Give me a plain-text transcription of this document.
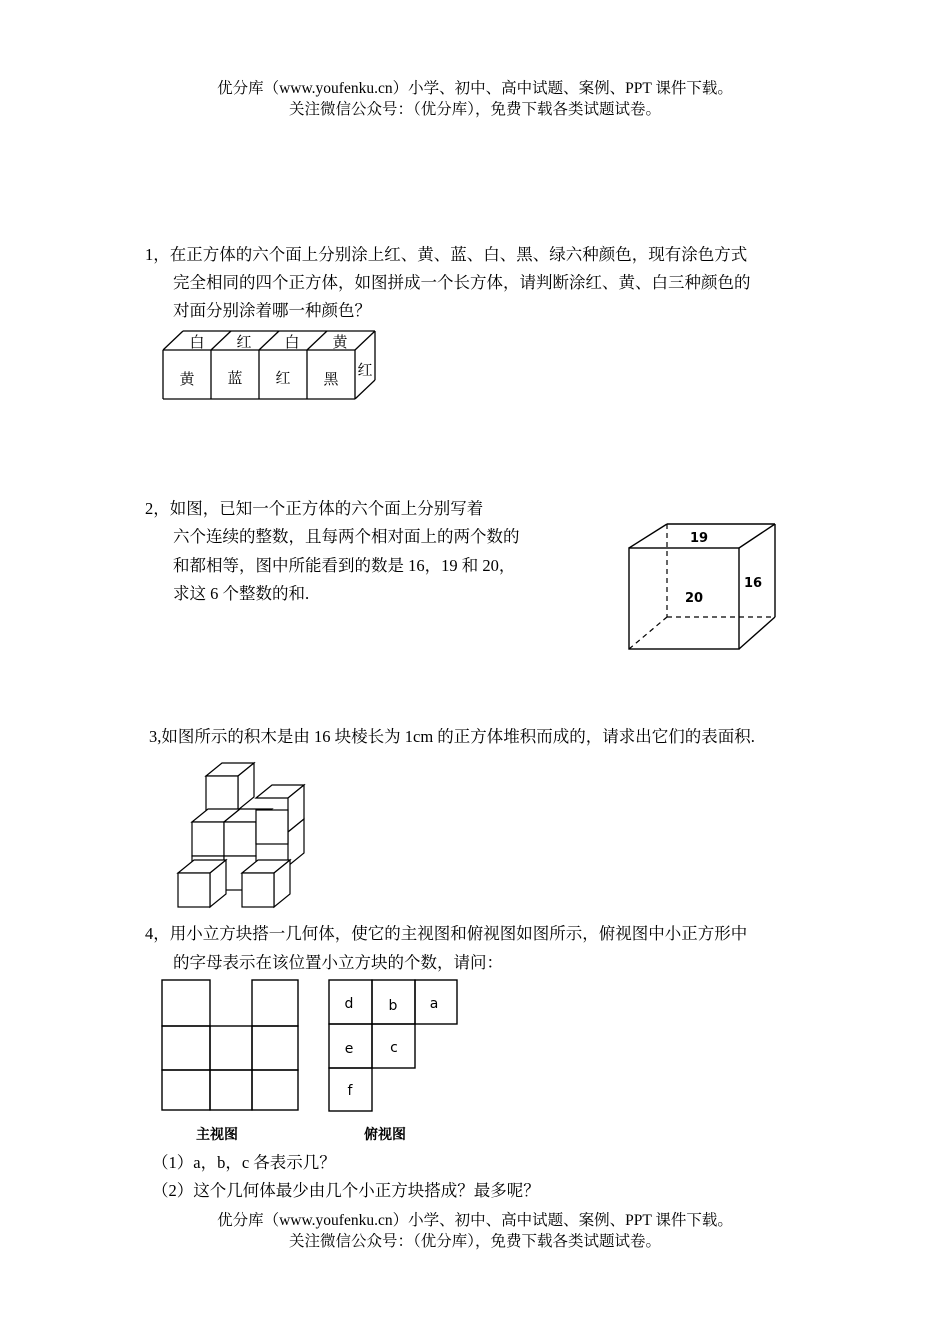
优分库（www.youfenku.cn）小学、初中、高中试题、案例、PPT 课件下载。
关注微信公众号：（优分库），免费下载各类试题试卷。
1，在正方体的六个面上分别涂上红、黄、蓝、白、黑、绿六种颜色，现有涂色方式
完全相同的四个正方体，如图拼成一个长方体，请判断涂红、黄、白三种颜色的
对面分别涂着哪一种颜色？
白 红 白 黄
黄 蓝 红 黑 红
2，如图，已知一个正方体的六个面上分别写着
六个连续的整数，且每两个相对面上的两个数的
和都相等，图中所能看到的数是 16，19 和 20，
求这 6 个整数的和.
19
20
16
3,如图所示的积木是由 16 块棱长为 1cm 的正方体堆积而成的，请求出它们的表面积.
4，用小立方块搭一几何体，使它的主视图和俯视图如图所示，俯视图中小正方形中
的字母表示在该位置小立方块的个数，请问：
主视图
d	b a
e	c
f
俯视图
（1）a，b，c 各表示几？
（2）这个几何体最少由几个小正方块搭成？最多呢？
优分库（www.youfenku.cn）小学、初中、高中试题、案例、PPT 课件下载。
关注微信公众号：（优分库），免费下载各类试题试卷。
